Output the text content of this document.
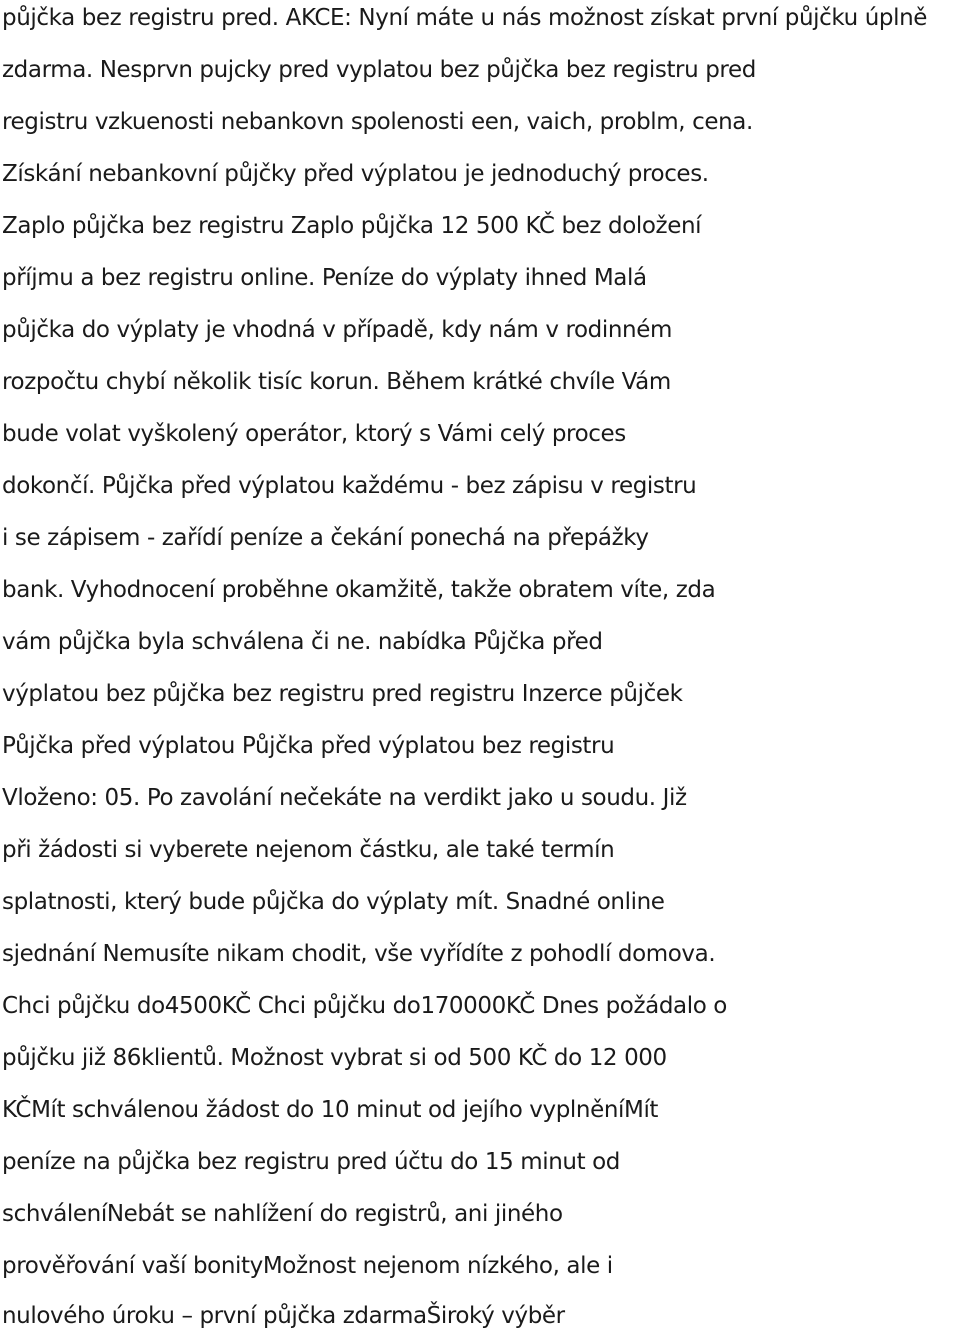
půjčka bez registru pred. AKCE: Nyní máte u nás možnost získat první půjčku úplně
zdarma. Nesprvn pujcky pred vyplatou bez půjčka bez registru pred
registru vzkuenosti nebankovn spolenosti een, vaich, problm, cena.
Získání nebankovní půjčky před výplatou je jednoduchý proces.
Zaplo půjčka bez registru Zaplo půjčka 12 500 KČ bez doložení
příjmu a bez registru online. Peníze do výplaty ihned Malá
půjčka do výplaty je vhodná v případě, kdy nám v rodinném
rozpočtu chybí několik tisíc korun. Během krátké chvíle Vám
bude volat vyškolený operátor, ktorý s Vámi celý proces
dokončí. Půjčka před výplatou každému - bez zápisu v registru
i se zápisem - zařídí peníze a čekání ponechá na přepážky
bank. Vyhodnocení proběhne okamžitě, takže obratem víte, zda
vám půjčka byla schválena či ne. nabídka Půjčka před
výplatou bez půjčka bez registru pred registru Inzerce půjček
Půjčka před výplatou Půjčka před výplatou bez registru
Vloženo: 05. Po zavolání nečekáte na verdikt jako u soudu. Již
při žádosti si vyberete nejenom částku, ale také termín
splatnosti, který bude půjčka do výplaty mít. Snadné online
sjednání Nemusíte nikam chodit, vše vyřídíte z pohodlí domova.
Chci půjčku do4500KČ Chci půjčku do170000KČ Dnes požádalo o
půjčku již 86klientů. Možnost vybrat si od 500 KČ do 12 000
KČMít schválenou žádost do 10 minut od jejího vyplněníMít
peníze na půjčka bez registru pred účtu do 15 minut od
schváleníNebát se nahlížení do registrů, ani jiného
prověřování vaší bonityMožnost nejenom nízkého, ale i
nulového úroku – první půjčka zdarmaŠiroký výběr
